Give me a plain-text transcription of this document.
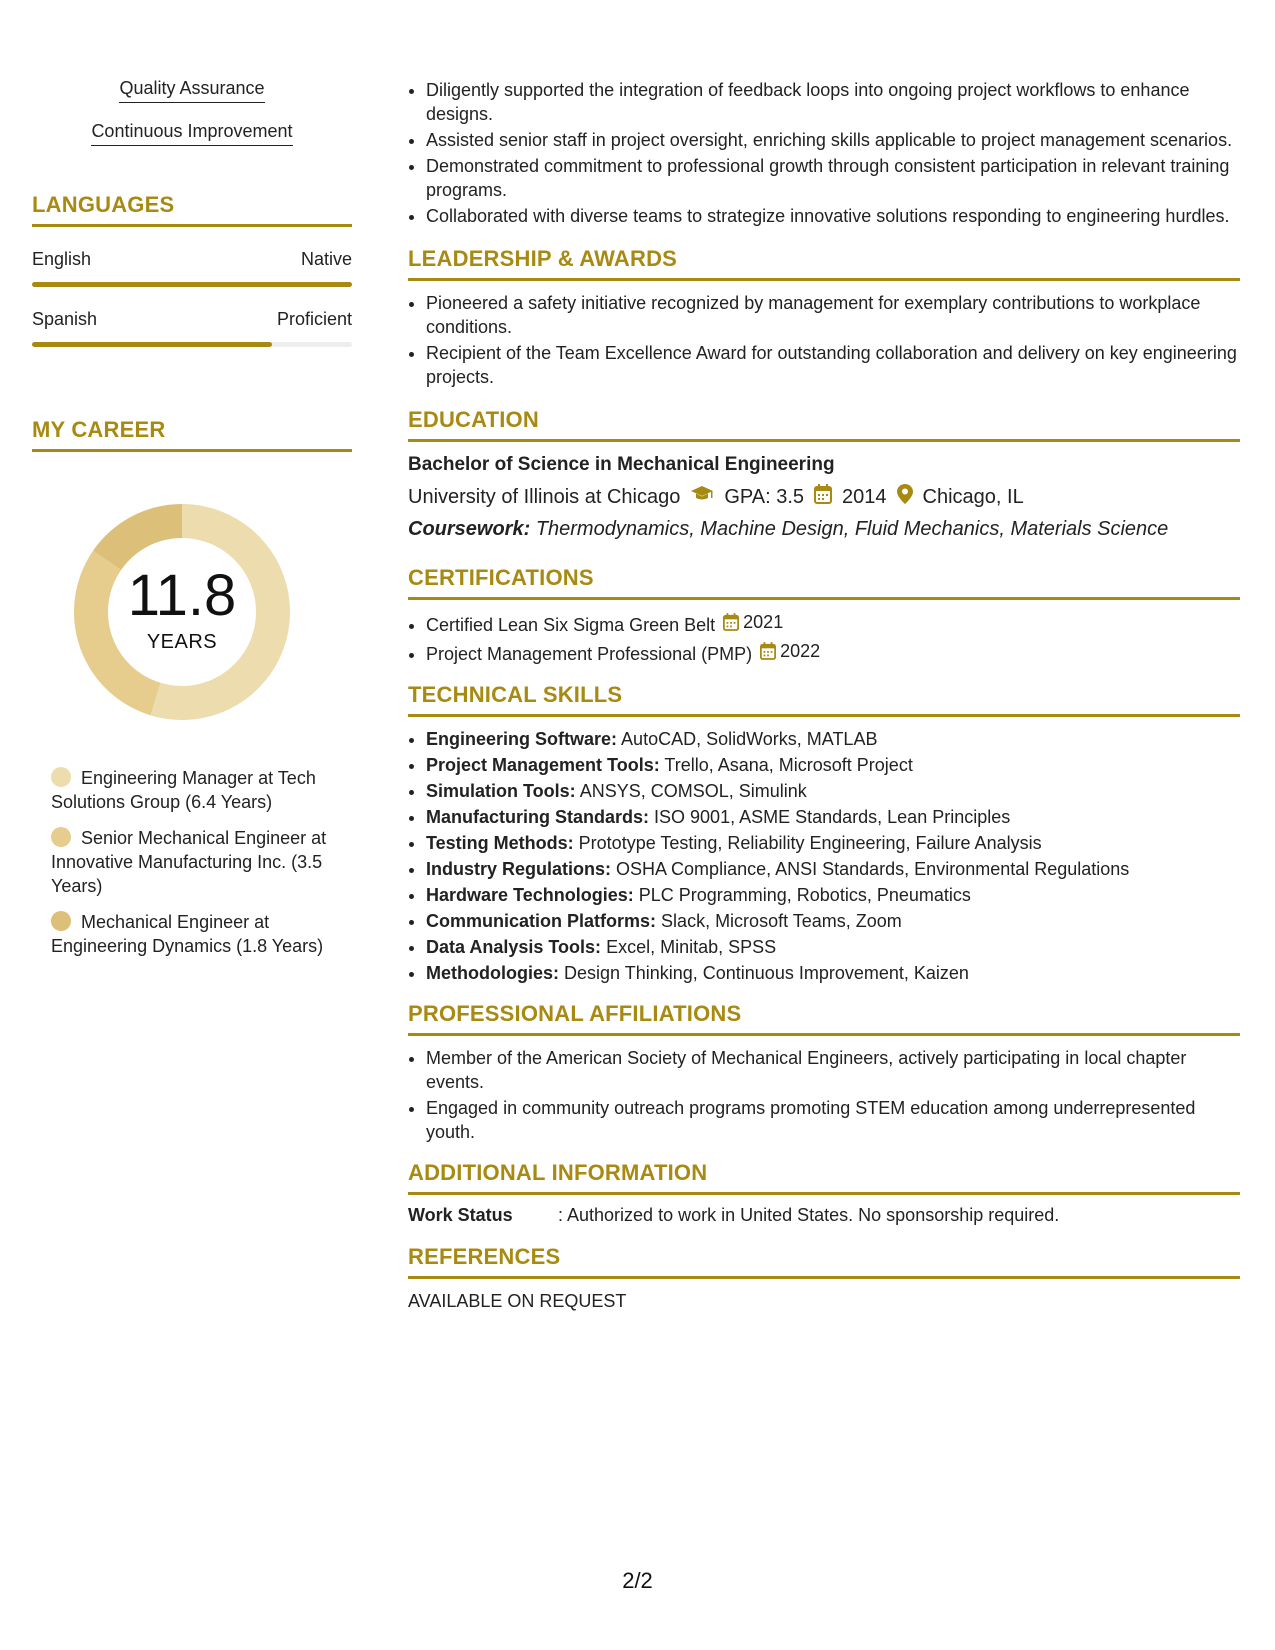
Quality Assurance
Continuous Improvement
LANGUAGES
English	Native
Spanish	Proficient
MY CAREER
11.8
YEARS
Engineering Manager at Tech Solutions Group (6.4 Years)
Senior Mechanical Engineer at Innovative Manufacturing Inc. (3.5 Years)
Mechanical Engineer at Engineering Dynamics (1.8 Years)
• Diligently supported the integration of feedback loops into ongoing project workflows to enhance designs.
• Assisted senior staff in project oversight, enriching skills applicable to project management scenarios.
• Demonstrated commitment to professional growth through consistent participation in relevant training programs.
• Collaborated with diverse teams to strategize innovative solutions responding to engineering hurdles.
LEADERSHIP & AWARDS
• Pioneered a safety initiative recognized by management for exemplary contributions to workplace conditions.
• Recipient of the Team Excellence Award for outstanding collaboration and delivery on key engineering projects.
EDUCATION
Bachelor of Science in Mechanical Engineering
University of Illinois at Chicago GPA: 3.5 2014 Chicago, IL
Coursework: Thermodynamics, Machine Design, Fluid Mechanics, Materials Science
CERTIFICATIONS
• Certified Lean Six Sigma Green Belt 2021
• Project Management Professional (PMP) 2022
TECHNICAL SKILLS
• Engineering Software: AutoCAD, SolidWorks, MATLAB
• Project Management Tools: Trello, Asana, Microsoft Project
• Simulation Tools: ANSYS, COMSOL, Simulink
• Manufacturing Standards: ISO 9001, ASME Standards, Lean Principles
• Testing Methods: Prototype Testing, Reliability Engineering, Failure Analysis
• Industry Regulations: OSHA Compliance, ANSI Standards, Environmental Regulations
• Hardware Technologies: PLC Programming, Robotics, Pneumatics
• Communication Platforms: Slack, Microsoft Teams, Zoom
• Data Analysis Tools: Excel, Minitab, SPSS
• Methodologies: Design Thinking, Continuous Improvement, Kaizen
PROFESSIONAL AFFILIATIONS
• Member of the American Society of Mechanical Engineers, actively participating in local chapter events.
• Engaged in community outreach programs promoting STEM education among underrepresented youth.
ADDITIONAL INFORMATION
Work Status	: Authorized to work in United States. No sponsorship required.
REFERENCES
AVAILABLE ON REQUEST
2/2
